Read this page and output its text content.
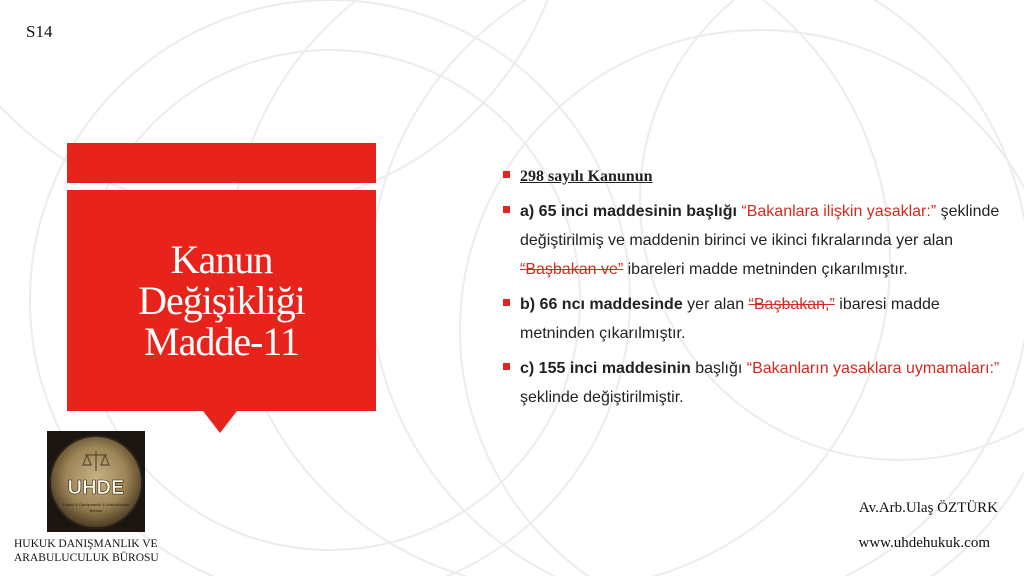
S14
Kanun
Değişikliği
Madde-11
UHDE
Hukuk & Danışmanlık & Arabuluculuk
Bürosu
HUKUK DANIŞMANLIK VE
ARABULUCULUK BÜROSU
298 sayılı Kanunun
a) 65 inci maddesinin başlığı “Bakanlara ilişkin yasaklar:” şeklinde değiştirilmiş ve maddenin birinci ve ikinci fıkralarında yer alan “Başbakan ve” ibareleri madde metninden çıkarılmıştır.
b) 66 ncı maddesinde yer alan “Başbakan,” ibaresi madde metninden çıkarılmıştır.
c) 155 inci maddesinin başlığı “Bakanların yasaklara uymamaları:” şeklinde değiştirilmiştir.
Av.Arb.Ulaş ÖZTÜRK
www.uhdehukuk.com
